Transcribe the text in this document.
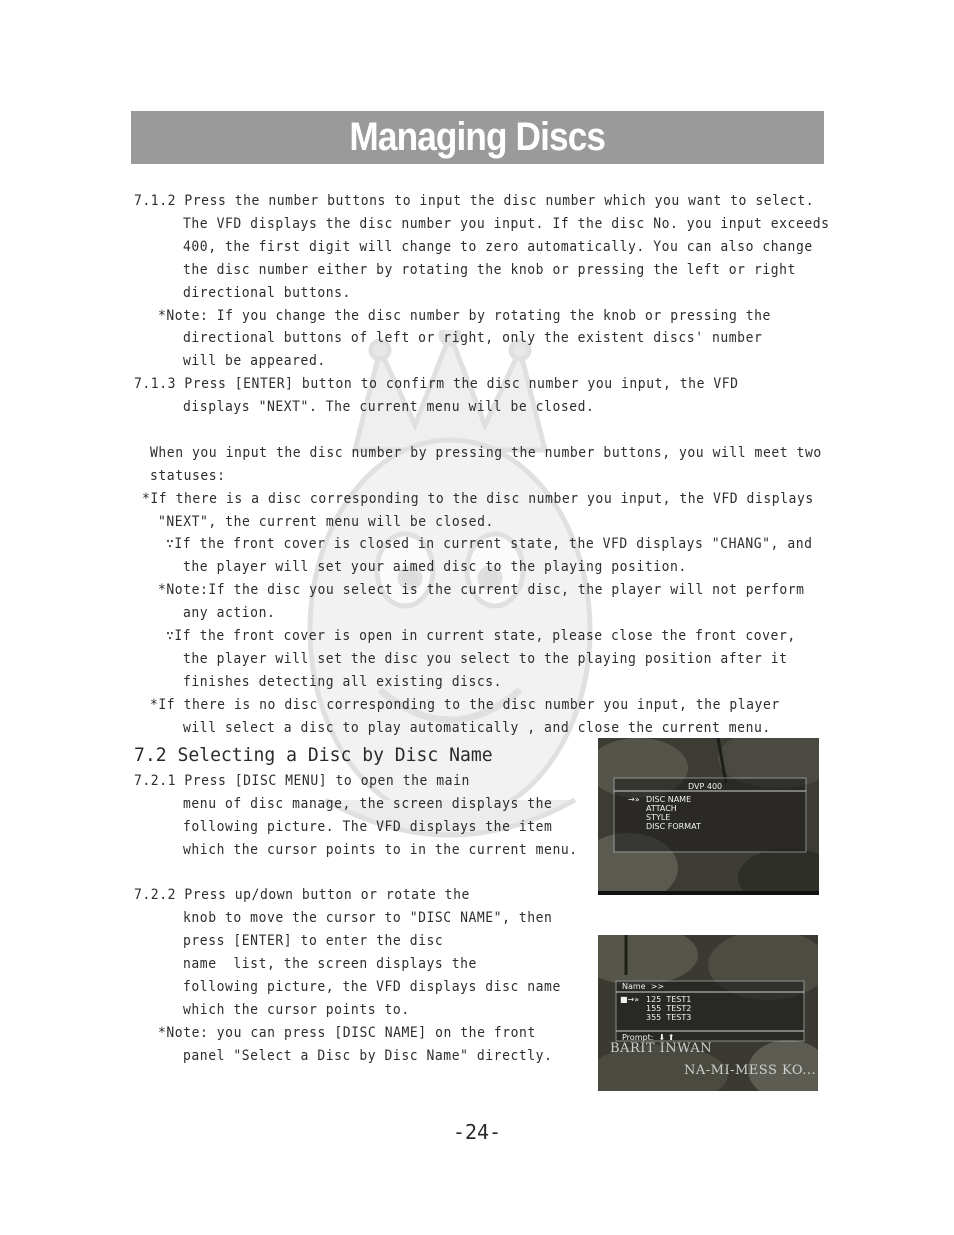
Managing Discs
7.1.2 Press the number buttons to input the disc number which you want to select.
The VFD displays the disc number you input. If the disc No. you input exceeds
400, the first digit will change to zero automatically. You can also change
the disc number either by rotating the knob or pressing the left or right
directional buttons.
*Note: If you change the disc number by rotating the knob or pressing the
directional buttons of left or right, only the existent discs' number
will be appeared.
7.1.3 Press [ENTER] button to confirm the disc number you input, the VFD
displays "NEXT". The current menu will be closed.
When you input the disc number by pressing the number buttons, you will meet two
statuses:
*If there is a disc corresponding to the disc number you input, the VFD displays
"NEXT", the current menu will be closed.
∵If the front cover is closed in current state, the VFD displays "CHANG", and
the player will set your aimed disc to the playing position.
*Note:If the disc you select is the current disc, the player will not perform
any action.
∵If the front cover is open in current state, please close the front cover,
the player will set the disc you select to the playing position after it
finishes detecting all existing discs.
*If there is no disc corresponding to the disc number you input, the player
will select a disc to play automatically , and close the current menu.
7.2.1 Press [DISC MENU] to open the main
menu of disc manage, the screen displays the
following picture. The VFD displays the item
which the cursor points to in the current menu.
7.2.2 Press up/down button or rotate the
knob to move the cursor to "DISC NAME", then
press [ENTER] to enter the disc
name  list, the screen displays the
following picture, the VFD displays disc name
which the cursor points to.
*Note: you can press [DISC NAME] on the front
panel "Select a Disc by Disc Name" directly.
7.2 Selecting a Disc by Disc Name
DVP 400
→» DISC NAME
ATTACH
STYLE
DISC FORMAT
Name  >>
■→» 125  TEST1
155  TEST2
355  TEST3
Prompt:  ⬇ ⬆
BARIT INWAN
NA-MI-MESS KO...
-24-
